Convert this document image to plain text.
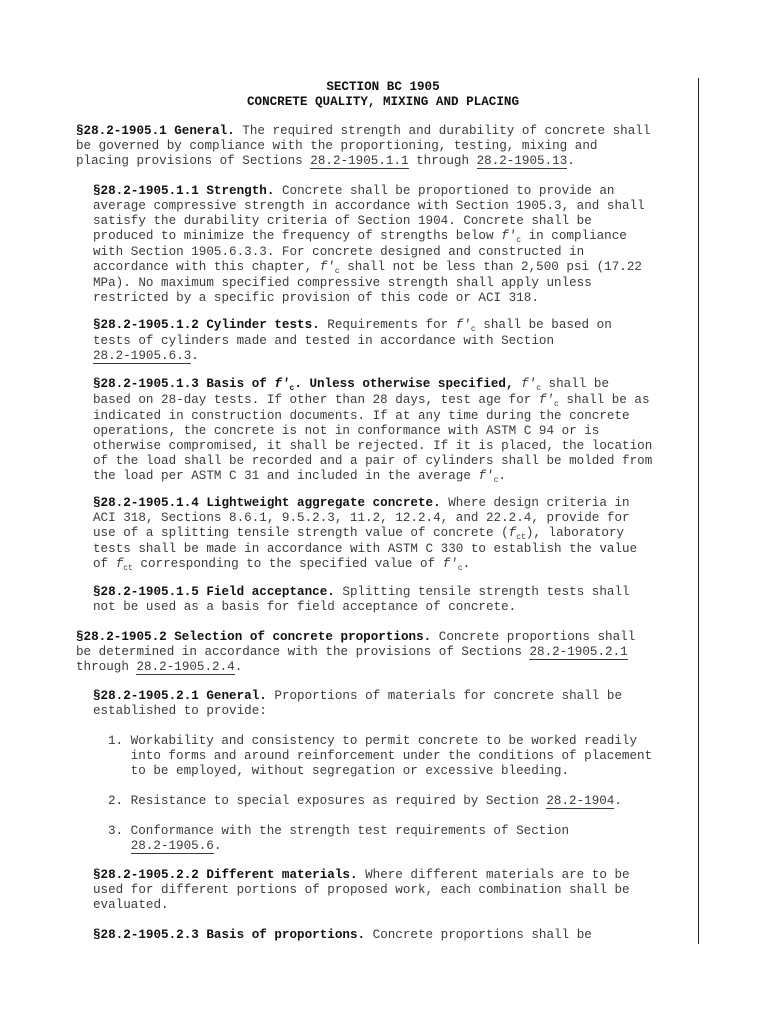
SECTION BC 1905
CONCRETE QUALITY, MIXING AND PLACING

§28.2-1905.1 General. The required strength and durability of concrete shall
be governed by compliance with the proportioning, testing, mixing and
placing provisions of Sections 28.2-1905.1.1 through 28.2-1905.13.

§28.2-1905.1.1 Strength. Concrete shall be proportioned to provide an
average compressive strength in accordance with Section 1905.3, and shall
satisfy the durability criteria of Section 1904. Concrete shall be
produced to minimize the frequency of strengths below $f'_c$ in compliance
with Section 1905.6.3.3. For concrete designed and constructed in
accordance with this chapter, $f'_c$ shall not be less than 2,500 psi (17.22
MPa). No maximum specified compressive strength shall apply unless
restricted by a specific provision of this code or ACI 318.

§28.2-1905.1.2 Cylinder tests. Requirements for $f'_c$ shall be based on
tests of cylinders made and tested in accordance with Section
28.2-1905.6.3.

§28.2-1905.1.3 Basis of $f'_c$. Unless otherwise specified, $f'_c$ shall be
based on 28-day tests. If other than 28 days, test age for $f'_c$ shall be as
indicated in construction documents. If at any time during the concrete
operations, the concrete is not in conformance with ASTM C 94 or is
otherwise compromised, it shall be rejected. If it is placed, the location
of the load shall be recorded and a pair of cylinders shall be molded from
the load per ASTM C 31 and included in the average $f'_c$.

§28.2-1905.1.4 Lightweight aggregate concrete. Where design criteria in
ACI 318, Sections 8.6.1, 9.5.2.3, 11.2, 12.2.4, and 22.2.4, provide for
use of a splitting tensile strength value of concrete $(f_{ct})$, laboratory
tests shall be made in accordance with ASTM C 330 to establish the value
of $f_{ct}$ corresponding to the specified value of $f'_c$.

§28.2-1905.1.5 Field acceptance. Splitting tensile strength tests shall
not be used as a basis for field acceptance of concrete.

§28.2-1905.2 Selection of concrete proportions. Concrete proportions shall
be determined in accordance with the provisions of Sections 28.2-1905.2.1
through 28.2-1905.2.4.

§28.2-1905.2.1 General. Proportions of materials for concrete shall be
established to provide:

1. Workability and consistency to permit concrete to be worked readily
into forms and around reinforcement under the conditions of placement
to be employed, without segregation or excessive bleeding.

2. Resistance to special exposures as required by Section 28.2-1904.

3. Conformance with the strength test requirements of Section
28.2-1905.6.

§28.2-1905.2.2 Different materials. Where different materials are to be
used for different portions of proposed work, each combination shall be
evaluated.

§28.2-1905.2.3 Basis of proportions. Concrete proportions shall be
